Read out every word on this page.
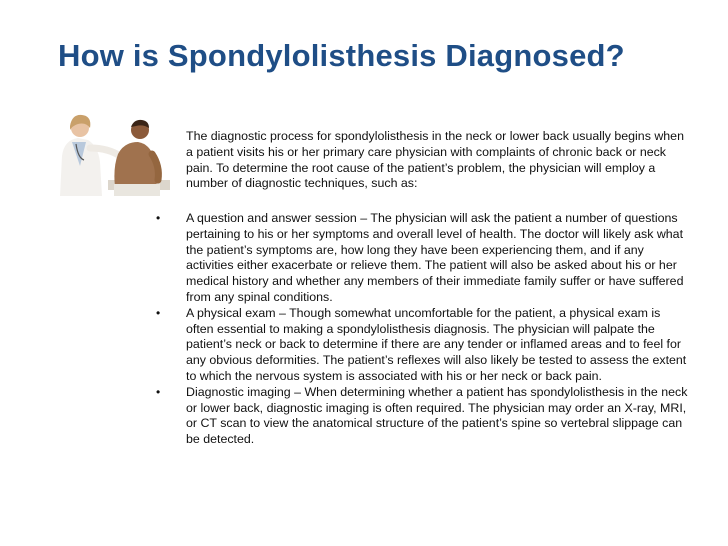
How is Spondylolisthesis Diagnosed?
The diagnostic process for spondylolisthesis in the neck or lower back usually begins when a patient visits his or her primary care physician with complaints of chronic back or neck pain. To determine the root cause of the patient’s problem, the physician will employ a number of diagnostic techniques, such as:
• A question and answer session – The physician will ask the patient a number of questions pertaining to his or her symptoms and overall level of health. The doctor will likely ask what the patient’s symptoms are, how long they have been experiencing them, and if any activities either exacerbate or relieve them. The patient will also be asked about his or her medical history and whether any members of their immediate family suffer or have suffered from any spinal conditions.
• A physical exam – Though somewhat uncomfortable for the patient, a physical exam is often essential to making a spondylolisthesis diagnosis. The physician will palpate the patient’s neck or back to determine if there are any tender or inflamed areas and to feel for any obvious deformities. The patient’s reflexes will also likely be tested to assess the extent to which the nervous system is associated with his or her neck or back pain.
• Diagnostic imaging – When determining whether a patient has spondylolisthesis in the neck or lower back, diagnostic imaging is often required. The physician may order an X-ray, MRI, or CT scan to view the anatomical structure of the patient’s spine so vertebral slippage can be detected.
